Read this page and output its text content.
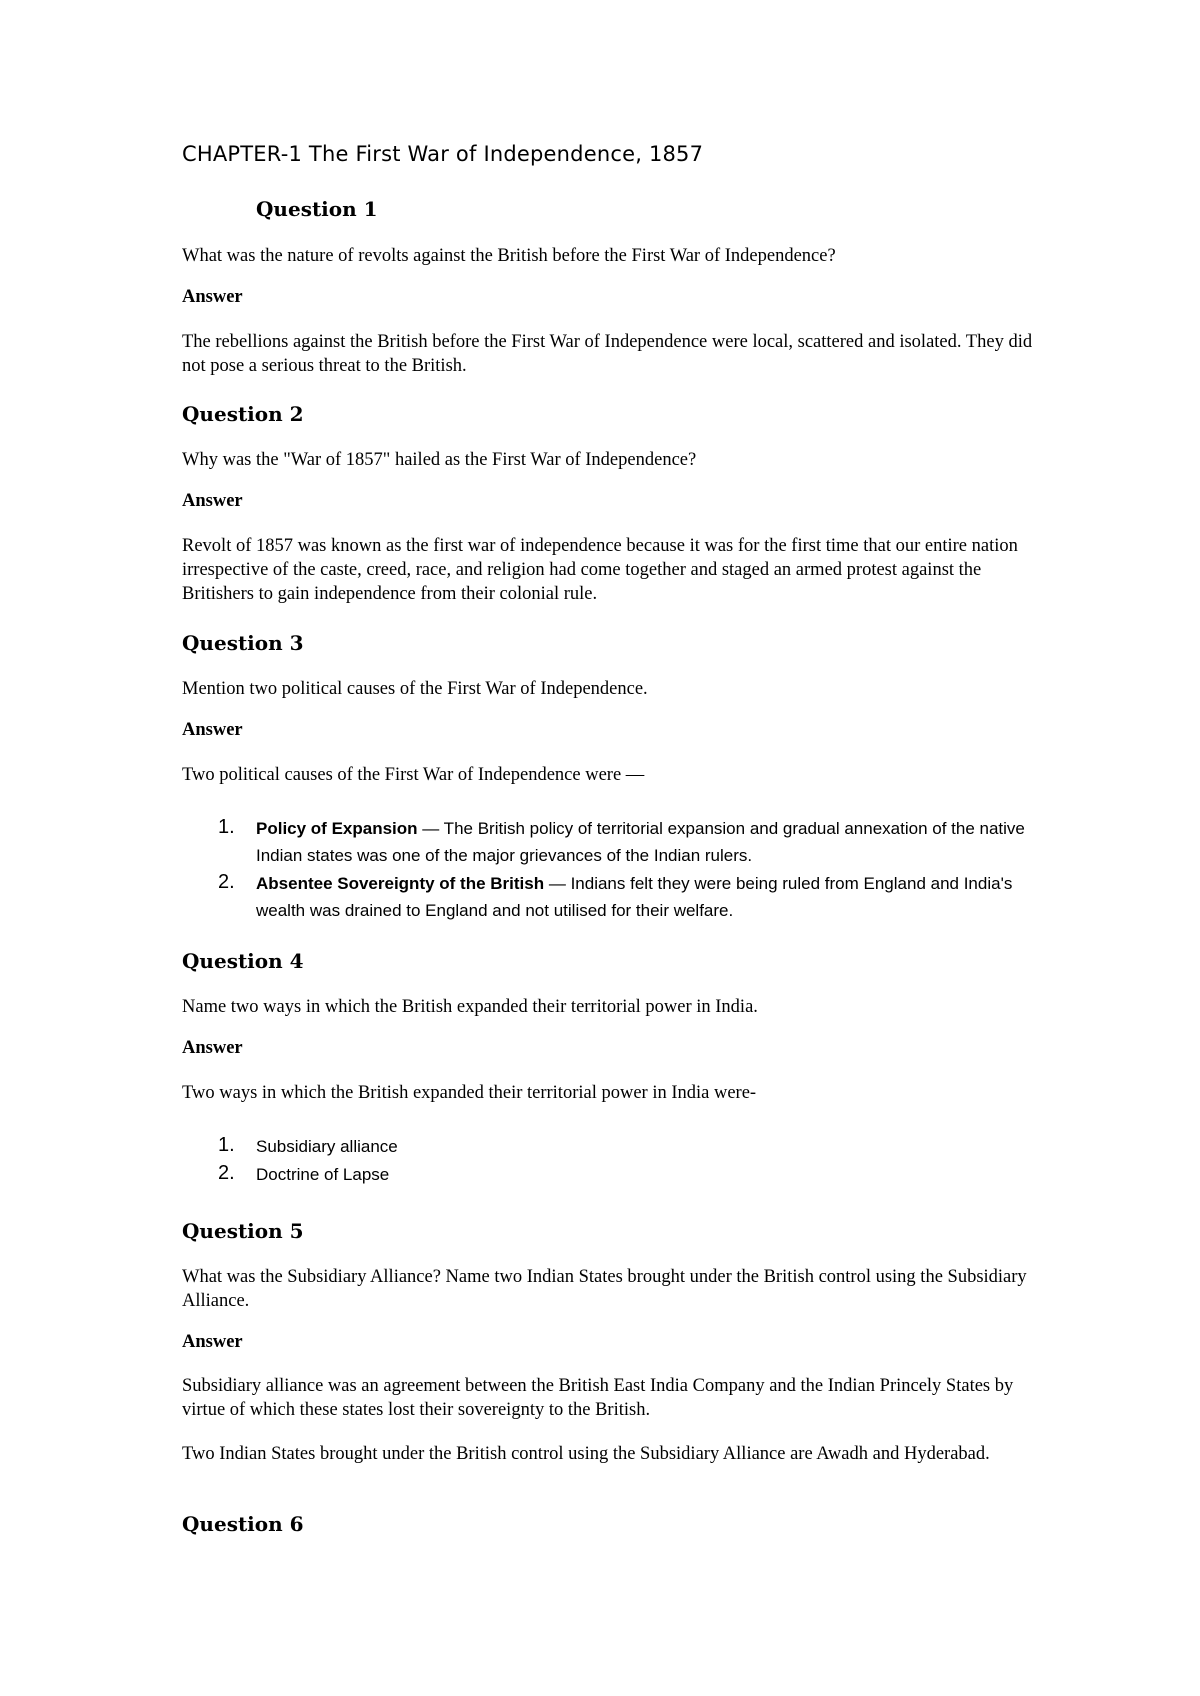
CHAPTER-1 The First War of Independence, 1857
Question 1
What was the nature of revolts against the British before the First War of Independence?
Answer
The rebellions against the British before the First War of Independence were local, scattered and isolated. They did not pose a serious threat to the British.
Question 2
Why was the "War of 1857" hailed as the First War of Independence?
Answer
Revolt of 1857 was known as the first war of independence because it was for the first time that our entire nation irrespective of the caste, creed, race, and religion had come together and staged an armed protest against the Britishers to gain independence from their colonial rule.
Question 3
Mention two political causes of the First War of Independence.
Answer
Two political causes of the First War of Independence were —
1. Policy of Expansion — The British policy of territorial expansion and gradual annexation of the native Indian states was one of the major grievances of the Indian rulers.
2. Absentee Sovereignty of the British — Indians felt they were being ruled from England and India's wealth was drained to England and not utilised for their welfare.
Question 4
Name two ways in which the British expanded their territorial power in India.
Answer
Two ways in which the British expanded their territorial power in India were-
1. Subsidiary alliance
2. Doctrine of Lapse
Question 5
What was the Subsidiary Alliance? Name two Indian States brought under the British control using the Subsidiary Alliance.
Answer
Subsidiary alliance was an agreement between the British East India Company and the Indian Princely States by virtue of which these states lost their sovereignty to the British.
Two Indian States brought under the British control using the Subsidiary Alliance are Awadh and Hyderabad.
Question 6
